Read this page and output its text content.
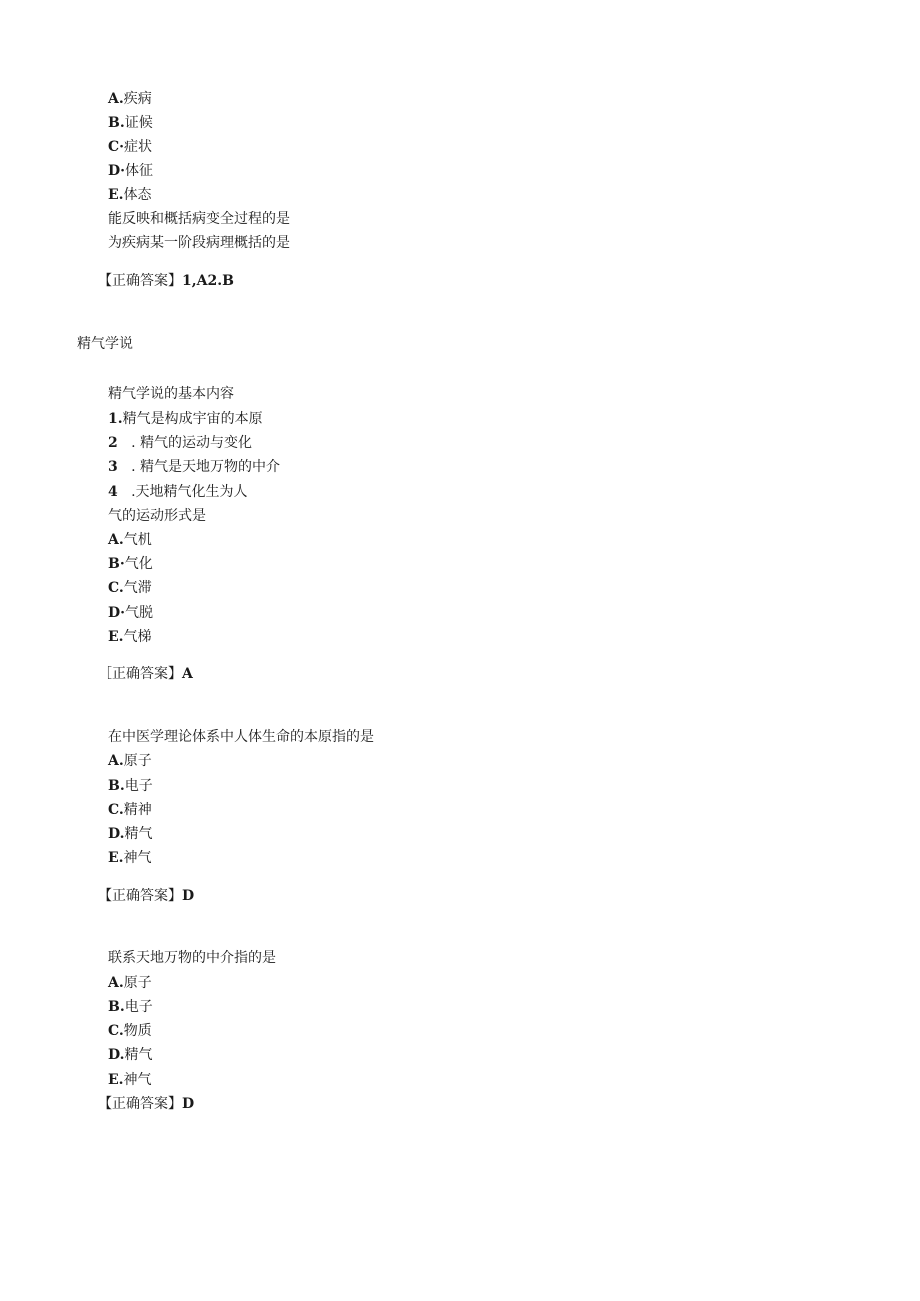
A.疾病
B.证候
C·症状
D·体征
E.体态
能反映和概括病变全过程的是
为疾病某一阶段病理概括的是
【正确答案】1,A2.B
精气学说
精气学说的基本内容
1.精气是构成宇宙的本原
2   . 精气的运动与变化
3   . 精气是天地万物的中介
4   .天地精气化生为人
气的运动形式是
A.气机
B·气化
C.气滞
D·气脱
E.气梯
［正确答案】A
在中医学理论体系中人体生命的本原指的是
A.原子
B.电子
C.精神
D.精气
E.神气
【正确答案】D
联系天地万物的中介指的是
A.原子
B.电子
C.物质
D.精气
E.神气
【正确答案】D
